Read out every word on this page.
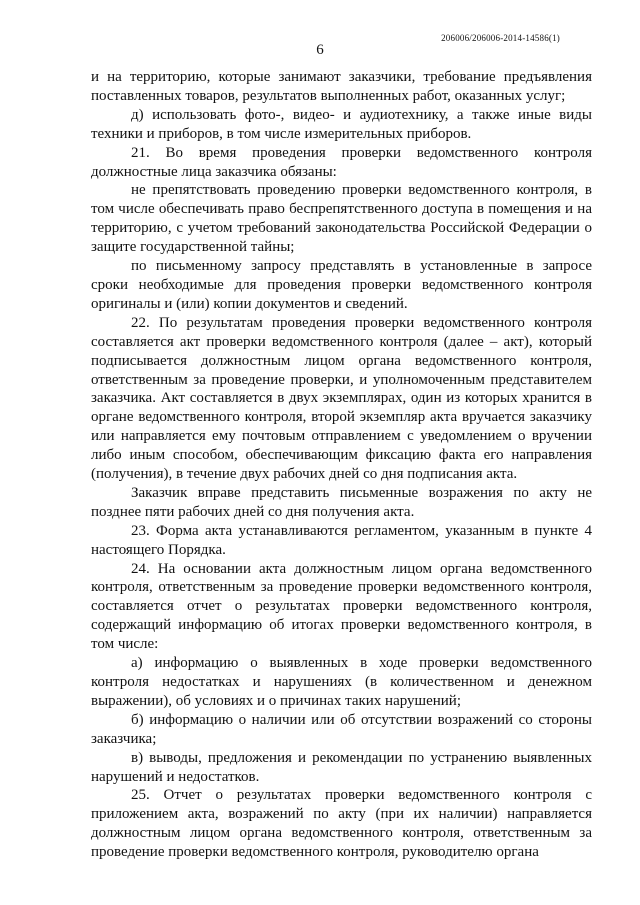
206006/206006-2014-14586(1)
6

и на территорию, которые занимают заказчики, требование предъявления поставленных товаров, результатов выполненных работ, оказанных услуг;

д) использовать фото-, видео- и аудиотехнику, а также иные виды техники и приборов, в том числе измерительных приборов.

21. Во время проведения проверки ведомственного контроля должностные лица заказчика обязаны:

не препятствовать проведению проверки ведомственного контроля, в том числе обеспечивать право беспрепятственного доступа в помещения и на территорию, с учетом требований законодательства Российской Федерации о защите государственной тайны;

по письменному запросу представлять в установленные в запросе сроки необходимые для проведения проверки ведомственного контроля оригиналы и (или) копии документов и сведений.

22. По результатам проведения проверки ведомственного контроля составляется акт проверки ведомственного контроля (далее – акт), который подписывается должностным лицом органа ведомственного контроля, ответственным за проведение проверки, и уполномоченным представителем заказчика. Акт составляется в двух экземплярах, один из которых хранится в органе ведомственного контроля, второй экземпляр акта вручается заказчику или направляется ему почтовым отправлением с уведомлением о вручении либо иным способом, обеспечивающим фиксацию факта его направления (получения), в течение двух рабочих дней со дня подписания акта.

Заказчик вправе представить письменные возражения по акту не позднее пяти рабочих дней со дня получения акта.

23. Форма акта устанавливаются регламентом, указанным в пункте 4 настоящего Порядка.

24. На основании акта должностным лицом органа ведомственного контроля, ответственным за проведение проверки ведомственного контроля, составляется отчет о результатах проверки ведомственного контроля, содержащий информацию об итогах проверки ведомственного контроля, в том числе:

а) информацию о выявленных в ходе проверки ведомственного контроля недостатках и нарушениях (в количественном и денежном выражении), об условиях и о причинах таких нарушений;

б) информацию о наличии или об отсутствии возражений со стороны заказчика;

в) выводы, предложения и рекомендации по устранению выявленных нарушений и недостатков.

25. Отчет о результатах проверки ведомственного контроля с приложением акта, возражений по акту (при их наличии) направляется должностным лицом органа ведомственного контроля, ответственным за проведение проверки ведомственного контроля, руководителю органа
